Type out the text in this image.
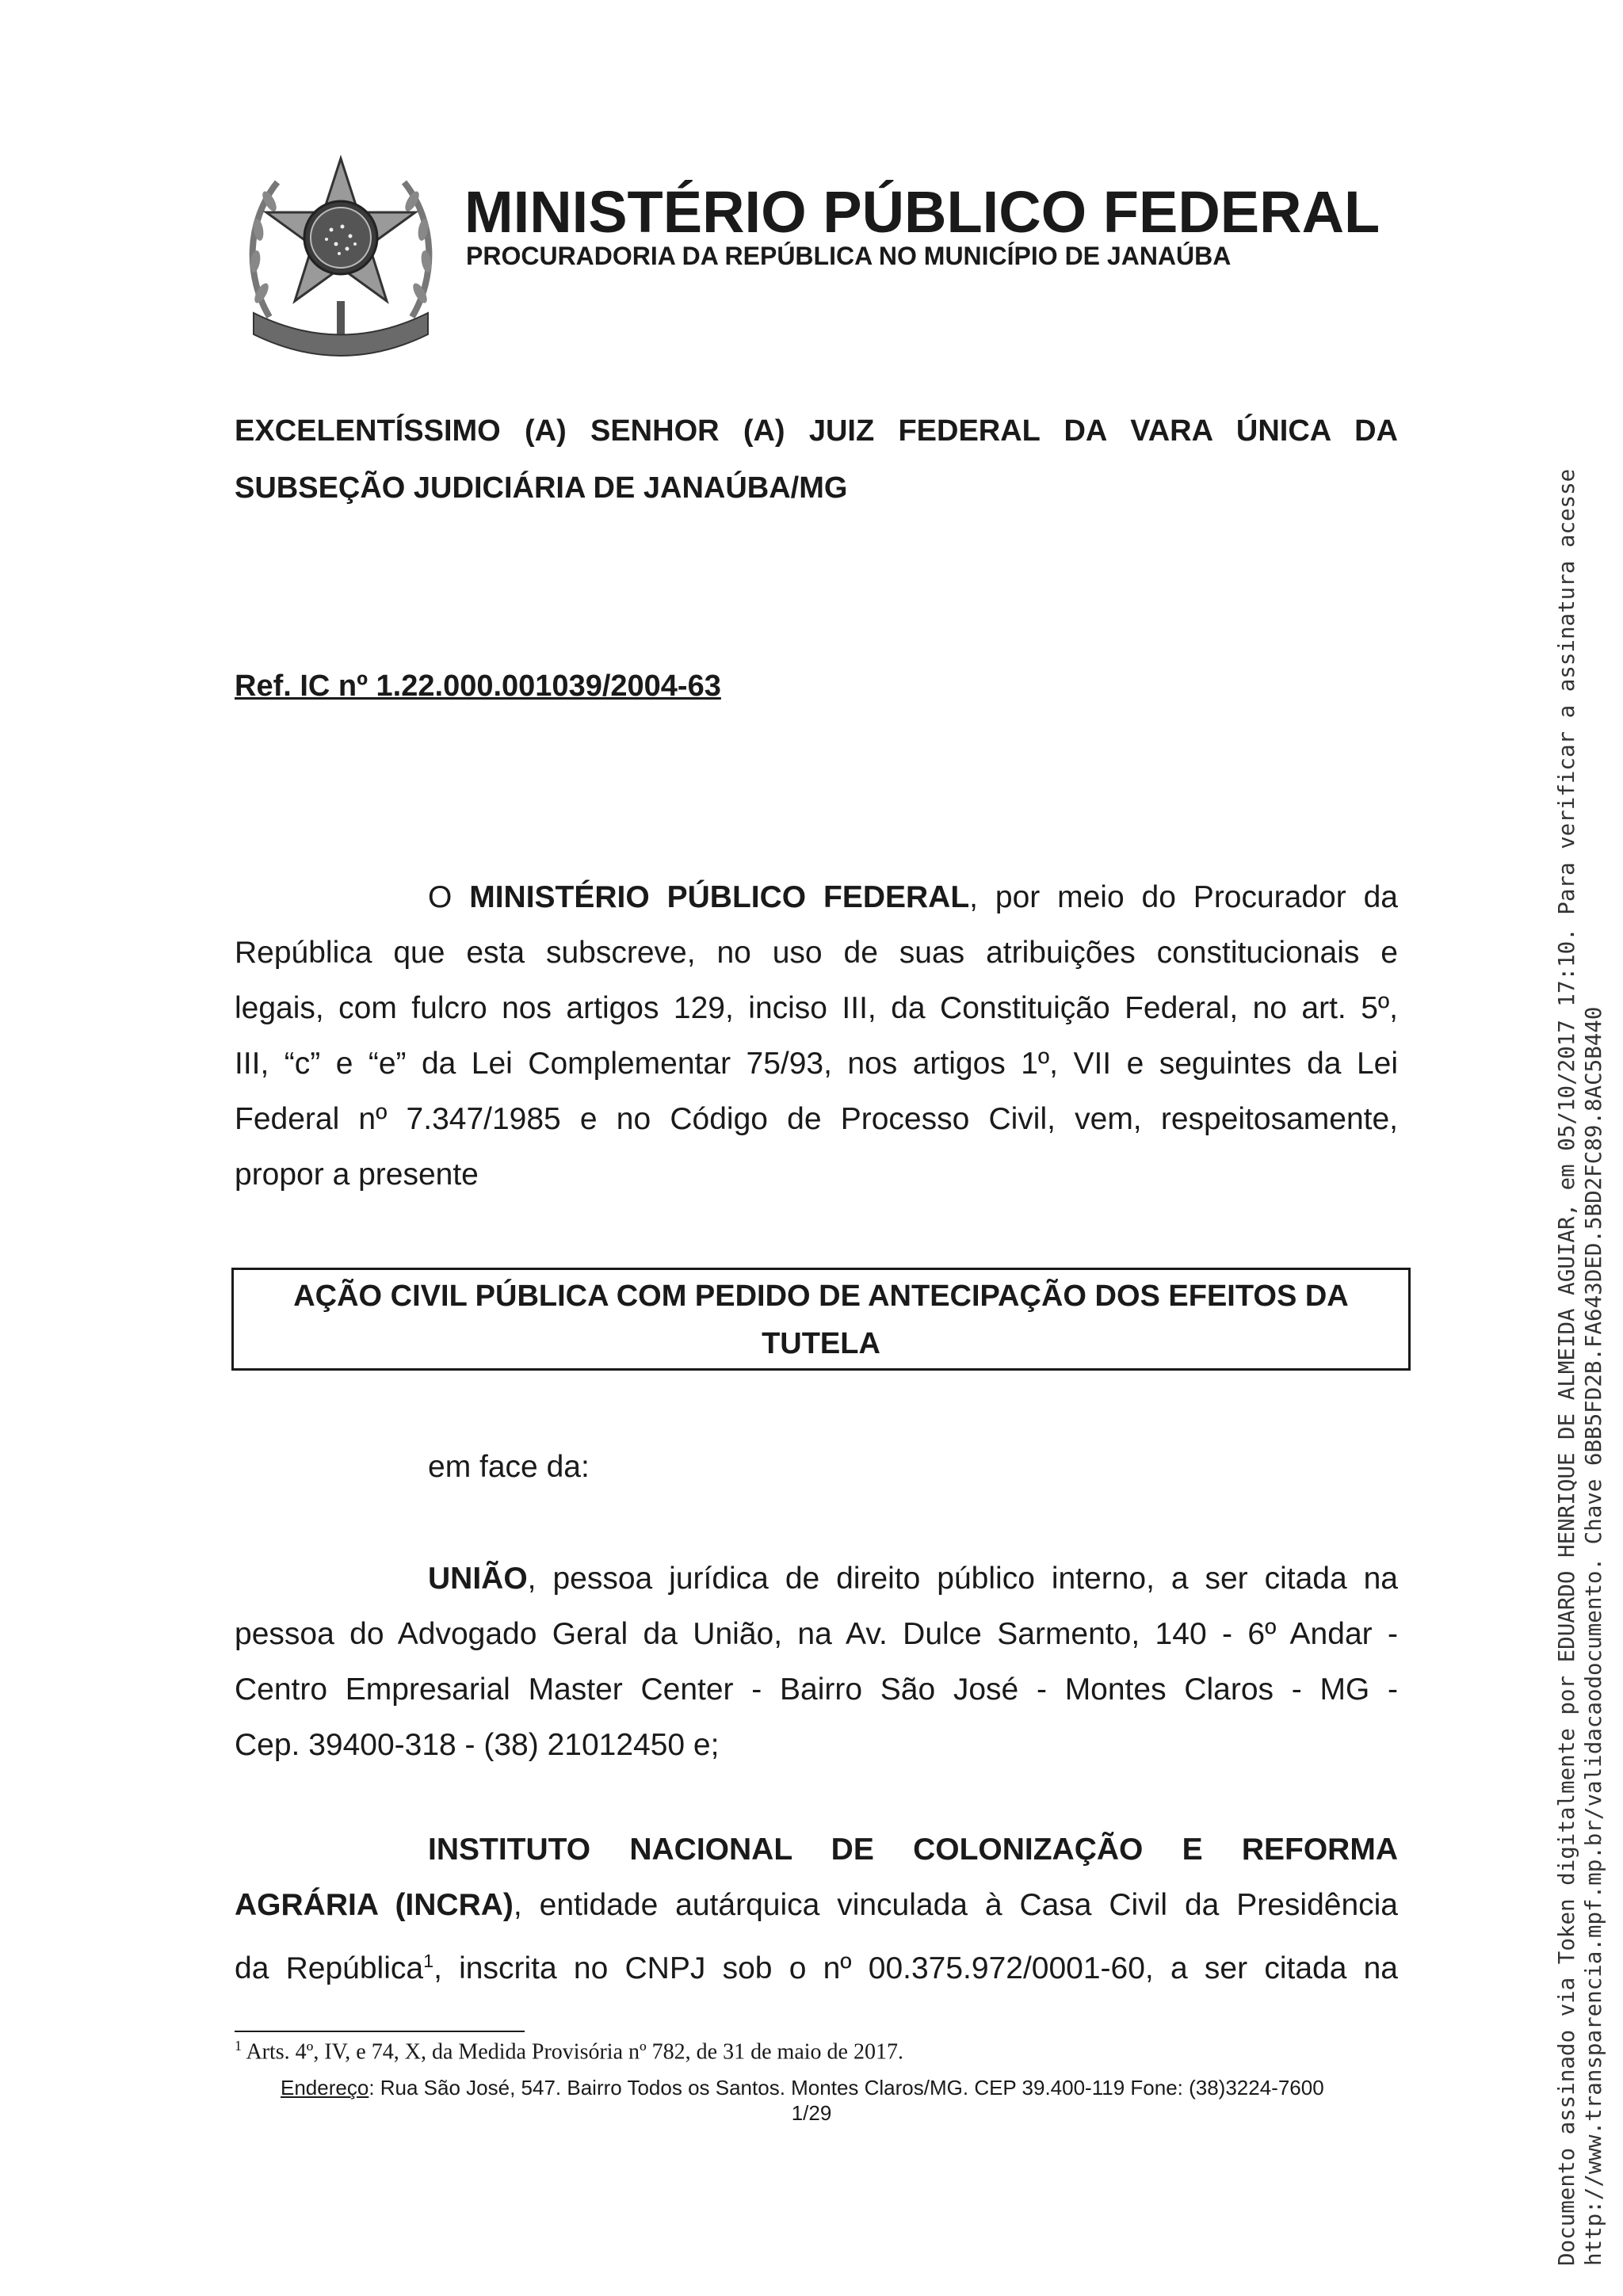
MINISTÉRIO PÚBLICO FEDERAL
PROCURADORIA DA REPÚBLICA NO MUNICÍPIO DE JANAÚBA
EXCELENTÍSSIMO (A) SENHOR (A) JUIZ FEDERAL DA VARA ÚNICA DA
SUBSEÇÃO JUDICIÁRIA DE JANAÚBA/MG
Ref. IC nº 1.22.000.001039/2004-63
O MINISTÉRIO PÚBLICO FEDERAL, por meio do Procurador da
República que esta subscreve, no uso de suas atribuições constitucionais e
legais, com fulcro nos artigos 129, inciso III, da Constituição Federal, no art. 5º,
III, “c” e “e” da Lei Complementar 75/93, nos artigos 1º, VII e seguintes da Lei
Federal nº 7.347/1985 e no Código de Processo Civil, vem, respeitosamente,
propor a presente
AÇÃO CIVIL PÚBLICA COM PEDIDO DE ANTECIPAÇÃO DOS EFEITOS DA
TUTELA
em face da:
UNIÃO, pessoa jurídica de direito público interno, a ser citada na
pessoa do Advogado Geral da União, na Av. Dulce Sarmento, 140 - 6º Andar -
Centro Empresarial Master Center - Bairro São José - Montes Claros - MG -
Cep. 39400-318 - (38) 21012450 e;
INSTITUTO NACIONAL DE COLONIZAÇÃO E REFORMA
AGRÁRIA (INCRA), entidade autárquica vinculada à Casa Civil da Presidência
da República$^1$, inscrita no CNPJ sob o nº 00.375.972/0001-60, a ser citada na
$^1$ Arts. 4º, IV, e 74, X, da Medida Provisória nº 782, de 31 de maio de 2017.
Endereço: Rua São José, 547. Bairro Todos os Santos. Montes Claros/MG. CEP 39.400-119 Fone: (38)3224-7600
1/29	Documento assinado via Token digitalmente por EDUARDO HENRIQUE DE ALMEIDA AGUIAR, em 05/10/2017 17:10. Para verificar a assinatura acesse http://www.transparencia.mpf.mp.br/validacaodocumento. Chave 6BB5FD2B.FA643DED.5BD2FC89.8AC5B440
